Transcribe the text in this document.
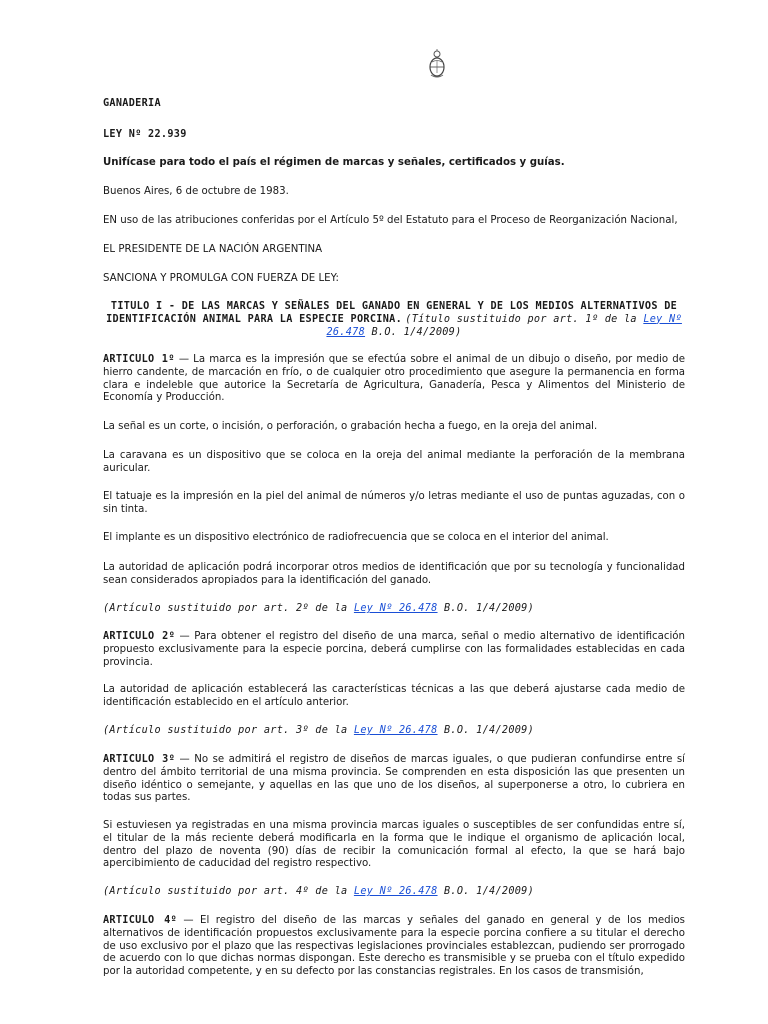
GANADERIA

LEY Nº 22.939

Unifícase para todo el país el régimen de marcas y señales, certificados y guías.

Buenos Aires, 6 de octubre de 1983.

EN uso de las atribuciones conferidas por el Artículo 5º del Estatuto para el Proceso de Reorganización Nacional,

EL PRESIDENTE DE LA NACIÓN ARGENTINA

SANCIONA Y PROMULGA CON FUERZA DE LEY:

TITULO I - DE LAS MARCAS Y SEÑALES DEL GANADO EN GENERAL Y DE LOS MEDIOS ALTERNATIVOS DE IDENTIFICACIÓN ANIMAL PARA LA ESPECIE PORCINA. (Título sustituido por art. 1º de la Ley Nº 26.478 B.O. 1/4/2009)

ARTICULO 1º — La marca es la impresión que se efectúa sobre el animal de un dibujo o diseño, por medio de hierro candente, de marcación en frío, o de cualquier otro procedimiento que asegure la permanencia en forma clara e indeleble que autorice la Secretaría de Agricultura, Ganadería, Pesca y Alimentos del Ministerio de Economía y Producción.

La señal es un corte, o incisión, o perforación, o grabación hecha a fuego, en la oreja del animal.

La caravana es un dispositivo que se coloca en la oreja del animal mediante la perforación de la membrana auricular.

El tatuaje es la impresión en la piel del animal de números y/o letras mediante el uso de puntas aguzadas, con o sin tinta.

El implante es un dispositivo electrónico de radiofrecuencia que se coloca en el interior del animal.

La autoridad de aplicación podrá incorporar otros medios de identificación que por su tecnología y funcionalidad sean considerados apropiados para la identificación del ganado.

(Artículo sustituido por art. 2º de la Ley Nº 26.478 B.O. 1/4/2009)

ARTICULO 2º — Para obtener el registro del diseño de una marca, señal o medio alternativo de identificación propuesto exclusivamente para la especie porcina, deberá cumplirse con las formalidades establecidas en cada provincia.

La autoridad de aplicación establecerá las características técnicas a las que deberá ajustarse cada medio de identificación establecido en el artículo anterior.

(Artículo sustituido por art. 3º de la Ley Nº 26.478 B.O. 1/4/2009)

ARTICULO 3º — No se admitirá el registro de diseños de marcas iguales, o que pudieran confundirse entre sí dentro del ámbito territorial de una misma provincia. Se comprenden en esta disposición las que presenten un diseño idéntico o semejante, y aquellas en las que uno de los diseños, al superponerse a otro, lo cubriera en todas sus partes.

Si estuviesen ya registradas en una misma provincia marcas iguales o susceptibles de ser confundidas entre sí, el titular de la más reciente deberá modificarla en la forma que le indique el organismo de aplicación local, dentro del plazo de noventa (90) días de recibir la comunicación formal al efecto, la que se hará bajo apercibimiento de caducidad del registro respectivo.

(Artículo sustituido por art. 4º de la Ley Nº 26.478 B.O. 1/4/2009)

ARTICULO 4º — El registro del diseño de las marcas y señales del ganado en general y de los medios alternativos de identificación propuestos exclusivamente para la especie porcina confiere a su titular el derecho de uso exclusivo por el plazo que las respectivas legislaciones provinciales establezcan, pudiendo ser prorrogado de acuerdo con lo que dichas normas dispongan. Este derecho es transmisible y se prueba con el título expedido por la autoridad competente, y en su defecto por las constancias registrales. En los casos de transmisión,
